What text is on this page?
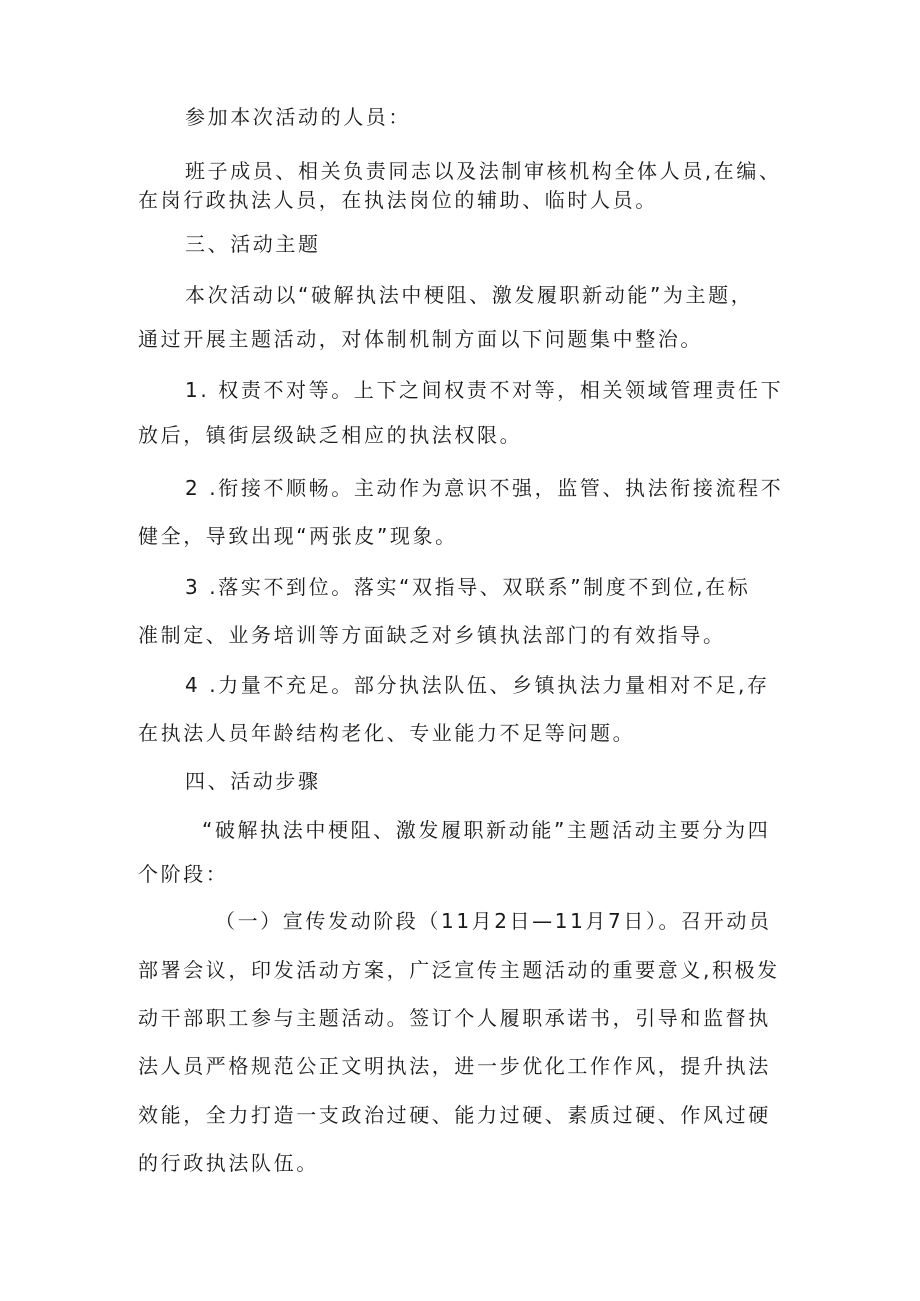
参加本次活动的人员：
班子成员、相关负责同志以及法制审核机构全体人员,在编、
在岗行政执法人员，在执法岗位的辅助、临时人员。
三、活动主题
本次活动以“破解执法中梗阻、激发履职新动能”为主题，
通过开展主题活动，对体制机制方面以下问题集中整治。
1. 权责不对等。上下之间权责不对等，相关领域管理责任下
放后，镇街层级缺乏相应的执法权限。
2 .衔接不顺畅。主动作为意识不强，监管、执法衔接流程不
健全，导致出现“两张皮”现象。
3 .落实不到位。落实“双指导、双联系”制度不到位,在标
准制定、业务培训等方面缺乏对乡镇执法部门的有效指导。
4 .力量不充足。部分执法队伍、乡镇执法力量相对不足,存
在执法人员年龄结构老化、专业能力不足等问题。
四、活动步骤
“破解执法中梗阻、激发履职新动能”主题活动主要分为四
个阶段：
（一）宣传发动阶段（11月2日—11月7日）。召开动员
部署会议，印发活动方案，广泛宣传主题活动的重要意义,积极发
动干部职工参与主题活动。签订个人履职承诺书，引导和监督执
法人员严格规范公正文明执法，进一步优化工作作风，提升执法
效能，全力打造一支政治过硬、能力过硬、素质过硬、作风过硬
的行政执法队伍。
